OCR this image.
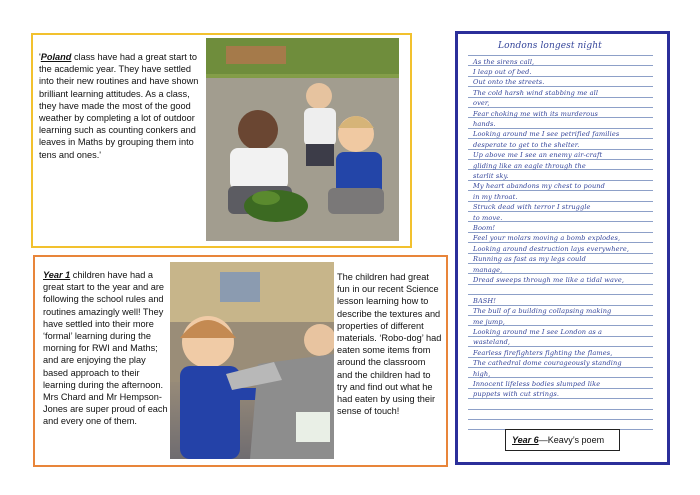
'Poland class have had a great start to the academic year. They have settled into their new routines and have shown brilliant learning attitudes. As a class, they have made the most of the good weather by completing a lot of outdoor learning such as counting conkers and leaves in Maths by grouping them into tens and ones.'
Year 1 children have had a great start to the year and are following the school rules and routines amazingly well! They have settled into their more ‘formal’ learning during the morning for RWI and Maths; and are enjoying the play based approach to their learning during the afternoon. Mrs Chard and Mr Hempson-Jones are super proud of each and every one of them.
The children had great fun in our recent Science lesson learning how to describe the textures and properties of different materials. ‘Robo-dog’ had eaten some items from around the classroom and the children had to try and find out what he had eaten by using their sense of touch!
Londons longest night
As the sirens call,
I leap out of bed.
Out onto the streets.
The cold harsh wind stabbing me all
over,
Fear choking me with its murderous
hands.
Looking around me I see petrified families
desperate to get to the shelter.
Up above me I see an enemy air-craft
gliding like an eagle through the
starlit sky.
My heart abandons my chest to pound
in my throat.
Struck dead with terror I struggle
to move.
Boom!
Feel your molars moving a bomb explodes,
Looking around destruction lays everywhere,
Running as fast as my legs could
manage,
Dread sweeps through me like a tidal wave,
BASH!
The bull of a building collapsing making
me jump,
Looking around me I see London as a
wasteland,
Fearless firefighters fighting the flames,
The cathedral dome courageously standing
high,
Innocent lifeless bodies slumped like
puppets with cut strings.
Year 6—Keavy’s poem
